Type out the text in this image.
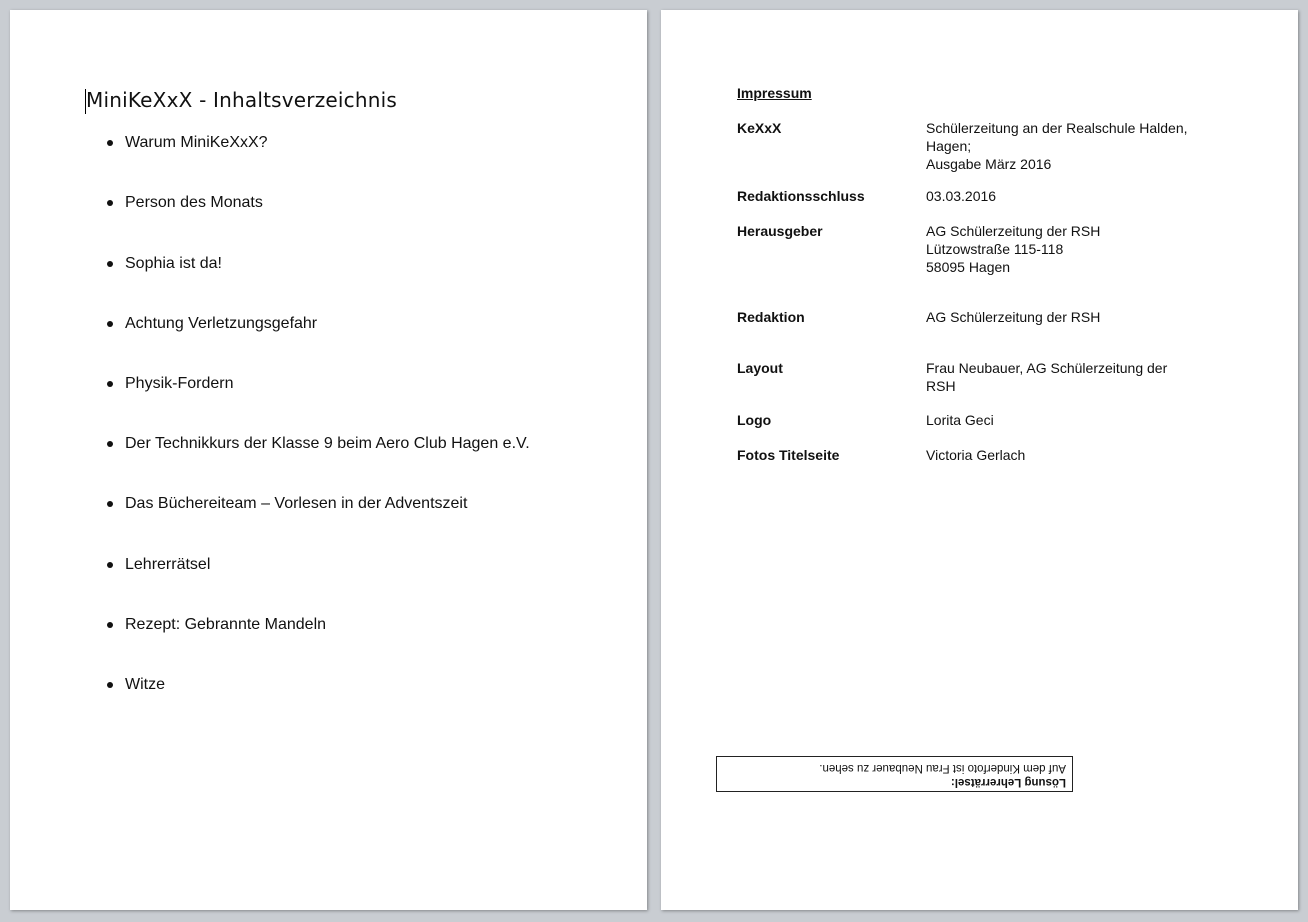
MiniKeXxX - Inhaltsverzeichnis
Warum MiniKeXxX?
Person des Monats
Sophia ist da!
Achtung Verletzungsgefahr
Physik-Fordern
Der Technikkurs der Klasse 9 beim Aero Club Hagen e.V.
Das Büchereiteam – Vorlesen in der Adventszeit
Lehrerrätsel
Rezept: Gebrannte Mandeln
Witze
Impressum
KeXxX	Schülerzeitung an der Realschule Halden,
Hagen;
Ausgabe März 2016
Redaktionsschluss	03.03.2016
Herausgeber	AG Schülerzeitung der RSH
Lützowstraße 115-118
58095 Hagen
Redaktion	AG Schülerzeitung der RSH
Layout	Frau Neubauer, AG Schülerzeitung der
RSH
Logo	Lorita Geci
Fotos Titelseite	Victoria Gerlach
Lösung Lehrerrätsel:
Auf dem Kinderfoto ist Frau Neubauer zu sehen.
